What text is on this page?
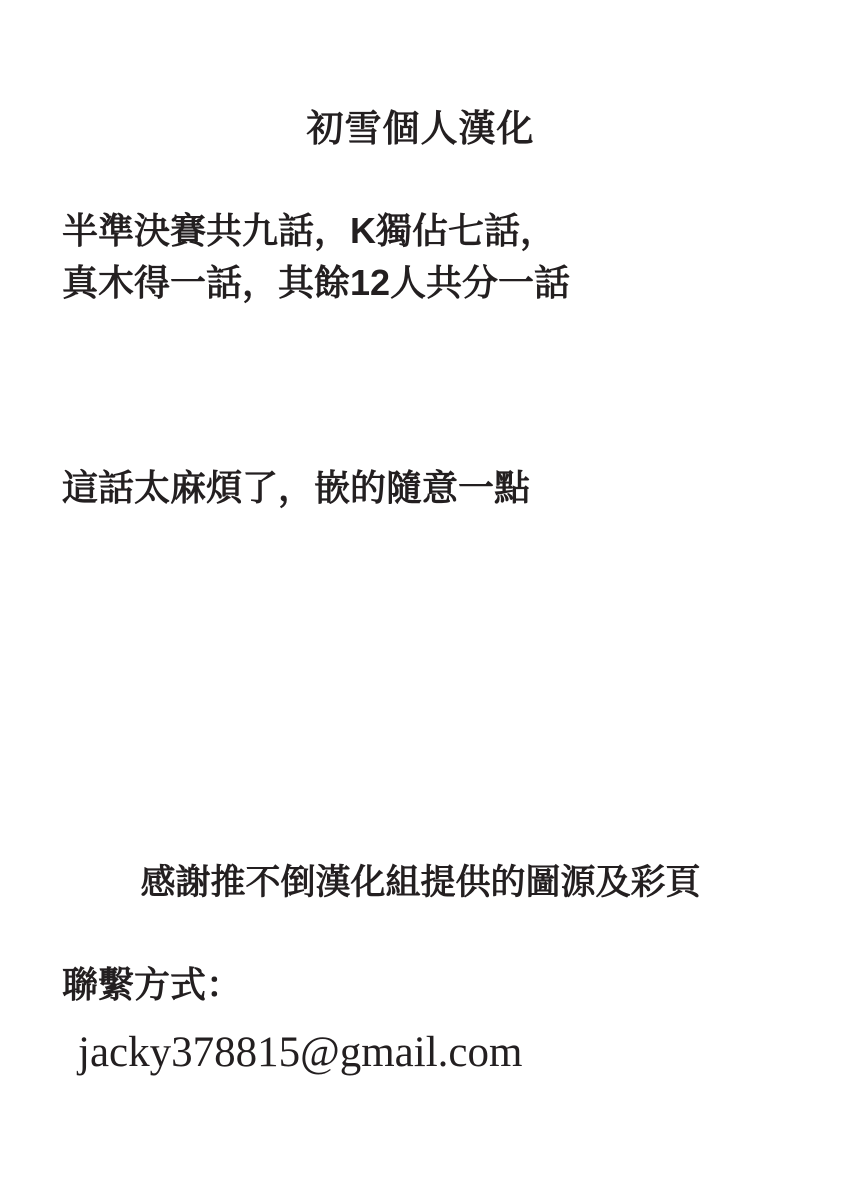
初雪個人漢化
半準決賽共九話，K獨佔七話，
真木得一話，其餘12人共分一話
這話太麻煩了，嵌的隨意一點
感謝推不倒漢化組提供的圖源及彩頁
聯繫方式：
jacky378815@gmail.com
